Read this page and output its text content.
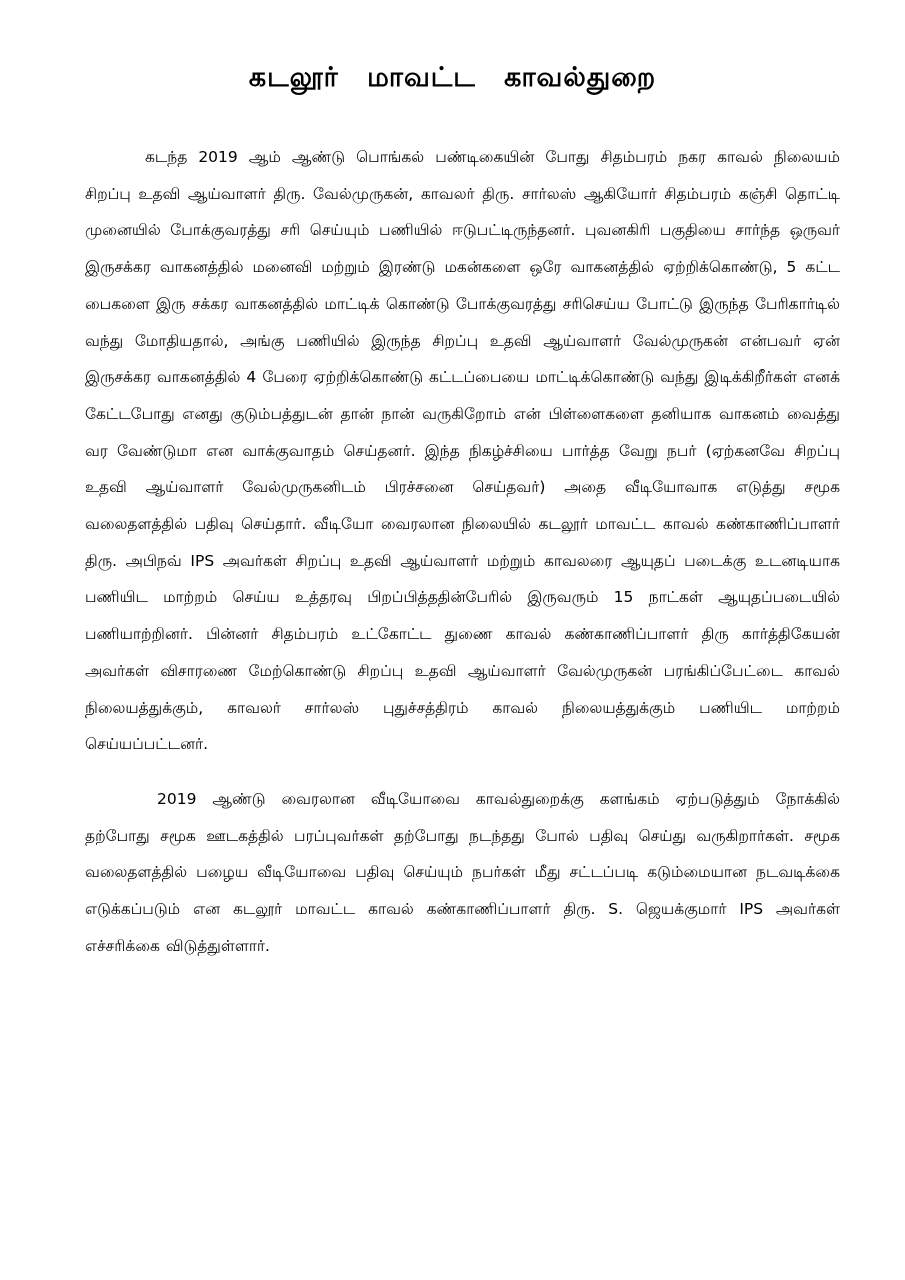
கடலூர் மாவட்ட காவல்துறை

கடந்த 2019 ஆம் ஆண்டு பொங்கல் பண்டிகையின் போது சிதம்பரம் நகர காவல் நிலையம் சிறப்பு உதவி ஆய்வாளர் திரு. வேல்முருகன், காவலர் திரு. சார்லஸ் ஆகியோர் சிதம்பரம் கஞ்சி தொட்டி முனையில் போக்குவரத்து சரி செய்யும் பணியில் ஈடுபட்டிருந்தனர். புவனகிரி பகுதியை சார்ந்த ஒருவர் இருசக்கர வாகனத்தில் மனைவி மற்றும் இரண்டு மகன்களை ஒரே வாகனத்தில் ஏற்றிக்கொண்டு, 5 கட்ட பைகளை இரு சக்கர வாகனத்தில் மாட்டிக் கொண்டு போக்குவரத்து சரிசெய்ய போட்டு இருந்த பேரிகார்டில் வந்து மோதியதால், அங்கு பணியில் இருந்த சிறப்பு உதவி ஆய்வாளர் வேல்முருகன் என்பவர் ஏன் இருசக்கர வாகனத்தில் 4 பேரை ஏற்றிக்கொண்டு கட்டப்பையை மாட்டிக்கொண்டு வந்து இடிக்கிறீர்கள் எனக் கேட்டபோது எனது குடும்பத்துடன் தான் நான் வருகிறோம் என் பிள்ளைகளை தனியாக வாகனம் வைத்து வர வேண்டுமா என வாக்குவாதம் செய்தனர். இந்த நிகழ்ச்சியை பார்த்த வேறு நபர் (ஏற்கனவே சிறப்பு உதவி ஆய்வாளர் வேல்முருகனிடம் பிரச்சனை செய்தவர்) அதை வீடியோவாக எடுத்து சமூக வலைதளத்தில் பதிவு செய்தார். வீடியோ வைரலான நிலையில் கடலூர் மாவட்ட காவல் கண்காணிப்பாளர் திரு. அபிநவ் IPS அவர்கள் சிறப்பு உதவி ஆய்வாளர் மற்றும் காவலரை ஆயுதப் படைக்கு உடனடியாக பணியிட மாற்றம் செய்ய உத்தரவு பிறப்பித்ததின்பேரில் இருவரும் 15 நாட்கள் ஆயுதப்படையில் பணியாற்றினர். பின்னர் சிதம்பரம் உட்கோட்ட துணை காவல் கண்காணிப்பாளர் திரு கார்த்திகேயன் அவர்கள் விசாரணை மேற்கொண்டு சிறப்பு உதவி ஆய்வாளர் வேல்முருகன் பரங்கிப்பேட்டை காவல் நிலையத்துக்கும், காவலர் சார்லஸ் புதுச்சத்திரம் காவல் நிலையத்துக்கும் பணியிட மாற்றம் செய்யப்பட்டனர்.

2019 ஆண்டு வைரலான வீடியோவை காவல்துறைக்கு களங்கம் ஏற்படுத்தும் நோக்கில் தற்போது சமூக ஊடகத்தில் பரப்புவர்கள் தற்போது நடந்தது போல் பதிவு செய்து வருகிறார்கள். சமூக வலைதளத்தில் பழைய வீடியோவை பதிவு செய்யும் நபர்கள் மீது சட்டப்படி கடும்மையான நடவடிக்கை எடுக்கப்படும் என கடலூர் மாவட்ட காவல் கண்காணிப்பாளர் திரு. S. ஜெயக்குமார் IPS அவர்கள் எச்சரிக்கை விடுத்துள்ளார்.
